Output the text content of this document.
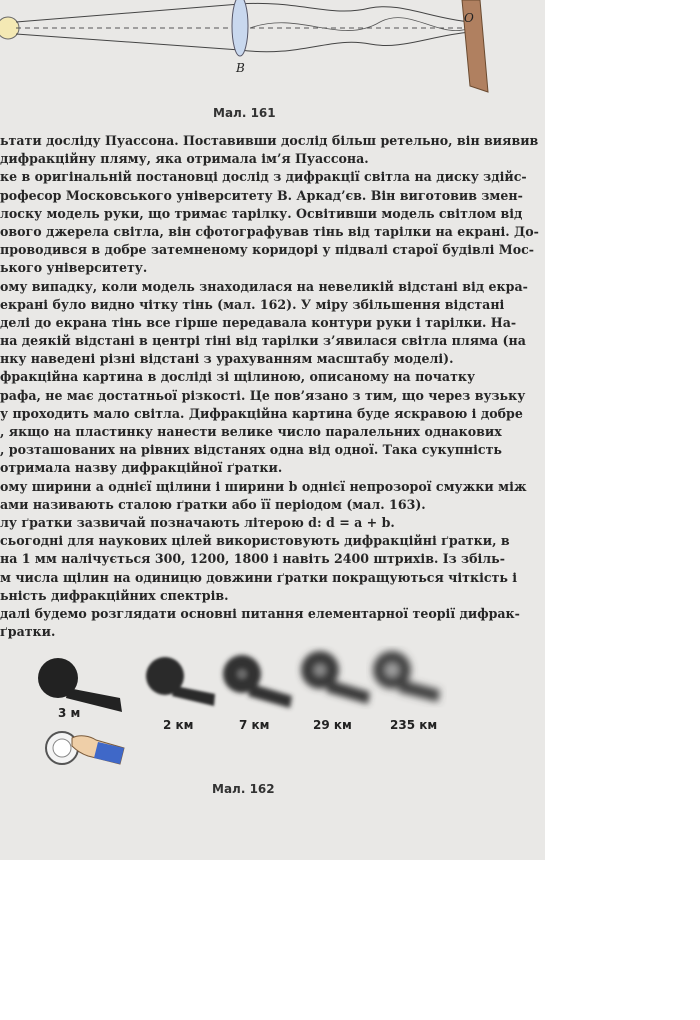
B
O
Мал. 161
ьтати досліду Пуассона. Поставивши дослід більш ретельно, він виявив
дифракційну пляму, яка отримала ім’я Пуассона.
ке в оригінальній постановці дослід з дифракції світла на диску здійс-
рофесор Московського університету В. Аркад’єв. Він виготовив змен-
лоску модель руки, що тримає тарілку. Освітивши модель світлом від
ового джерела світла, він сфотографував тінь від тарілки на екрані. До-
проводився в добре затемненому коридорі у підвалі старої будівлі Мос-
ького університету.
ому випадку, коли модель знаходилася на невеликій відстані від екра-
екрані було видно чітку тінь (мал. 162). У міру збільшення відстані
делі до екрана тінь все гірше передавала контури руки і тарілки. На-
на деякій відстані в центрі тіні від тарілки з’явилася світла пляма (на
нку наведені різні відстані з урахуванням масштабу моделі).
фракційна картина в досліді зі щілиною, описаному на початку
рафа, не має достатньої різкості. Це пов’язано з тим, що через вузьку
у проходить мало світла. Дифракційна картина буде яскравою і добре
, якщо на пластинку нанести велике число паралельних однакових
, розташованих на рівних відстанях одна від одної. Така сукупність
отримала назву дифракційної ґратки.
ому ширини a однієї щілини і ширини b однієї непрозорої смужки між
ами називають сталою ґратки або її періодом (мал. 163).
лу ґратки зазвичай позначають літерою d: d = a + b.
сьогодні для наукових цілей використовують дифракційні ґратки, в
на 1 мм налічується 300, 1200, 1800 і навіть 2400 штрихів. Із збіль-
м числа щілин на одиницю довжини ґратки покращуються чіткість і
ьність дифракційних спектрів.
далі будемо розглядати основні питання елементарної теорії дифрак-
ґратки.
3 м
2 км	7 км	29 км	235 км
Мал. 162
